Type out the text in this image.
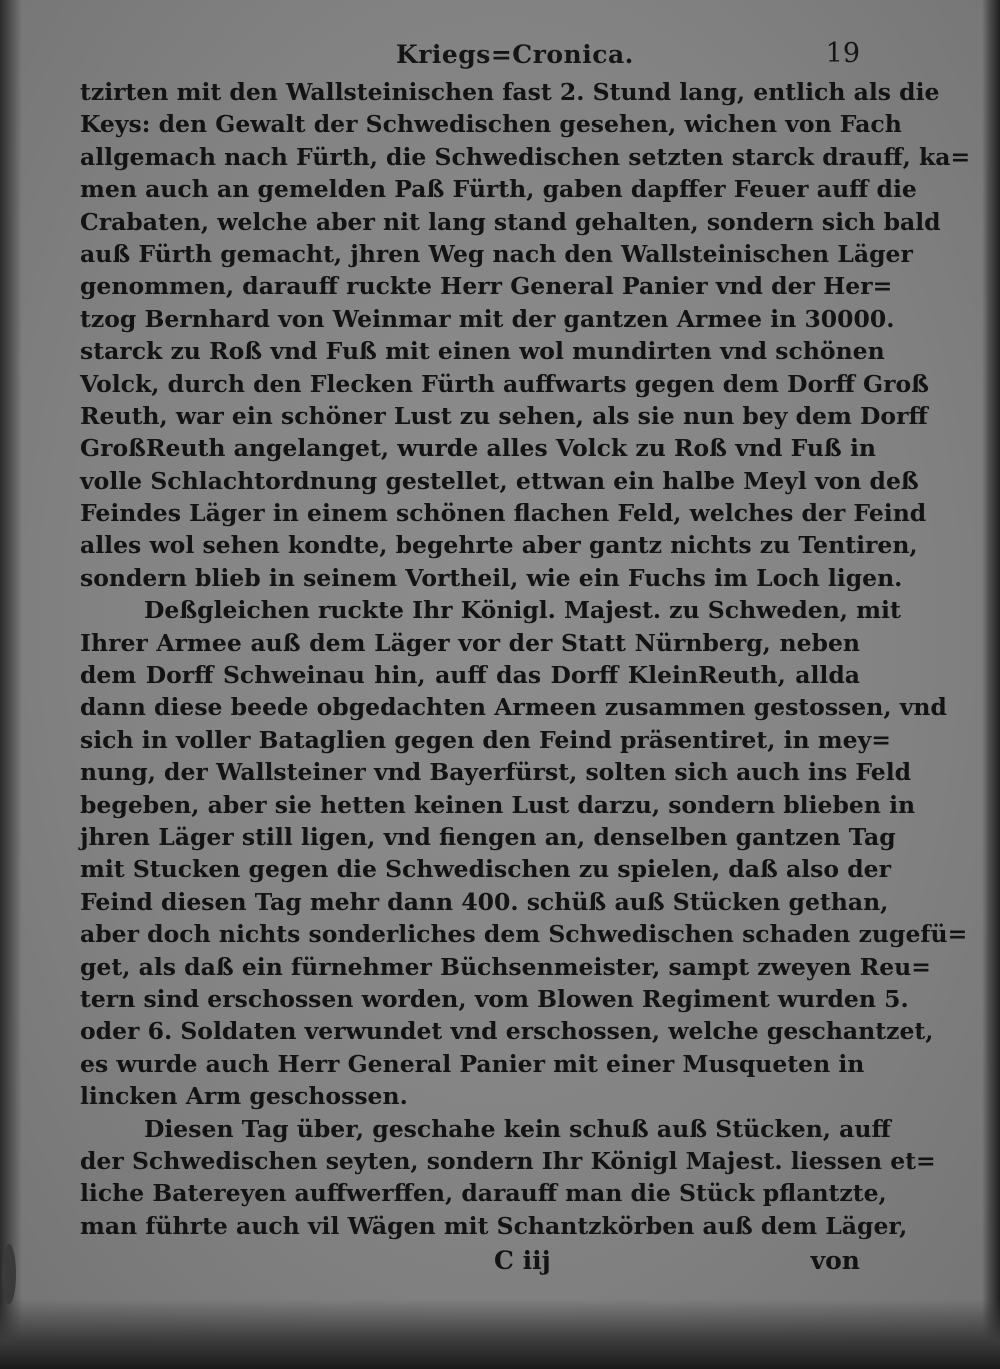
Kriegs=Cronica.	19
tzirten mit den Wallsteinischen fast 2. Stund lang, entlich als die
Keys: den Gewalt der Schwedischen gesehen, wichen von Fach
allgemach nach Fürth, die Schwedischen setzten starck drauff, ka=
men auch an gemelden Paß Fürth, gaben dapffer Feuer auff die
Crabaten, welche aber nit lang stand gehalten, sondern sich bald
auß Fürth gemacht, jhren Weg nach den Wallsteinischen Läger
genommen, darauff ruckte Herr General Panier vnd der Her=
tzog Bernhard von Weinmar mit der gantzen Armee in 30000.
starck zu Roß vnd Fuß mit einen wol mundirten vnd schönen
Volck, durch den Flecken Fürth auffwarts gegen dem Dorff Groß
Reuth, war ein schöner Lust zu sehen, als sie nun bey dem Dorff
GroßReuth angelanget, wurde alles Volck zu Roß vnd Fuß in
volle Schlachtordnung gestellet, ettwan ein halbe Meyl von deß
Feindes Läger in einem schönen flachen Feld, welches der Feind
alles wol sehen kondte, begehrte aber gantz nichts zu Tentiren,
sondern blieb in seinem Vortheil, wie ein Fuchs im Loch ligen.
Deßgleichen ruckte Ihr Königl. Majest. zu Schweden, mit
Ihrer Armee auß dem Läger vor der Statt Nürnberg, neben
dem Dorff Schweinau hin, auff das Dorff KleinReuth, allda
dann diese beede obgedachten Armeen zusammen gestossen, vnd
sich in voller Bataglien gegen den Feind präsentiret, in mey=
nung, der Wallsteiner vnd Bayerfürst, solten sich auch ins Feld
begeben, aber sie hetten keinen Lust darzu, sondern blieben in
jhren Läger still ligen, vnd fiengen an, denselben gantzen Tag
mit Stucken gegen die Schwedischen zu spielen, daß also der
Feind diesen Tag mehr dann 400. schüß auß Stücken gethan,
aber doch nichts sonderliches dem Schwedischen schaden zugefü=
get, als daß ein fürnehmer Büchsenmeister, sampt zweyen Reu=
tern sind erschossen worden, vom Blowen Regiment wurden 5.
oder 6. Soldaten verwundet vnd erschossen, welche geschantzet,
es wurde auch Herr General Panier mit einer Musqueten in
lincken Arm geschossen.
Diesen Tag über, geschahe kein schuß auß Stücken, auff
der Schwedischen seyten, sondern Ihr Königl Majest. liessen et=
liche Batereyen auffwerffen, darauff man die Stück pflantzte,
man führte auch vil Wägen mit Schantzkörben auß dem Läger,
C iij	von
